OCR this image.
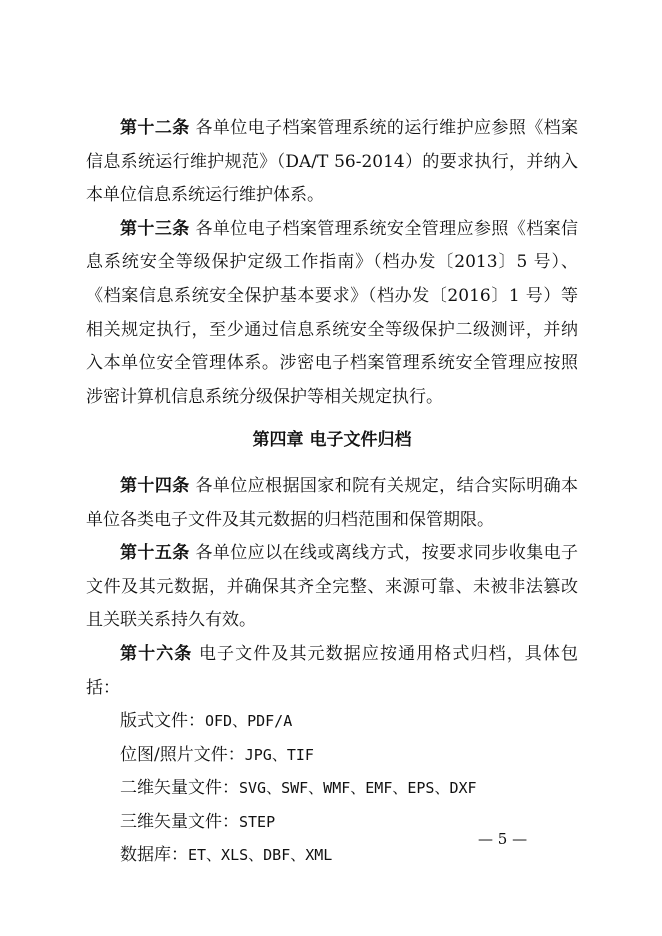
第十二条 各单位电子档案管理系统的运行维护应参照《档案信息系统运行维护规范》（DA/T 56-2014）的要求执行，并纳入本单位信息系统运行维护体系。

第十三条 各单位电子档案管理系统安全管理应参照《档案信息系统安全等级保护定级工作指南》（档办发〔2013〕5 号）、《档案信息系统安全保护基本要求》（档办发〔2016〕1 号）等相关规定执行，至少通过信息系统安全等级保护二级测评，并纳入本单位安全管理体系。涉密电子档案管理系统安全管理应按照涉密计算机信息系统分级保护等相关规定执行。

第四章 电子文件归档

第十四条 各单位应根据国家和院有关规定，结合实际明确本单位各类电子文件及其元数据的归档范围和保管期限。

第十五条 各单位应以在线或离线方式，按要求同步收集电子文件及其元数据，并确保其齐全完整、来源可靠、未被非法篡改且关联关系持久有效。

第十六条 电子文件及其元数据应按通用格式归档，具体包括：

版式文件：OFD、PDF/A

位图/照片文件：JPG、TIF

二维矢量文件：SVG、SWF、WMF、EMF、EPS、DXF

三维矢量文件：STEP

数据库：ET、XLS、DBF、XML

— 5 —
